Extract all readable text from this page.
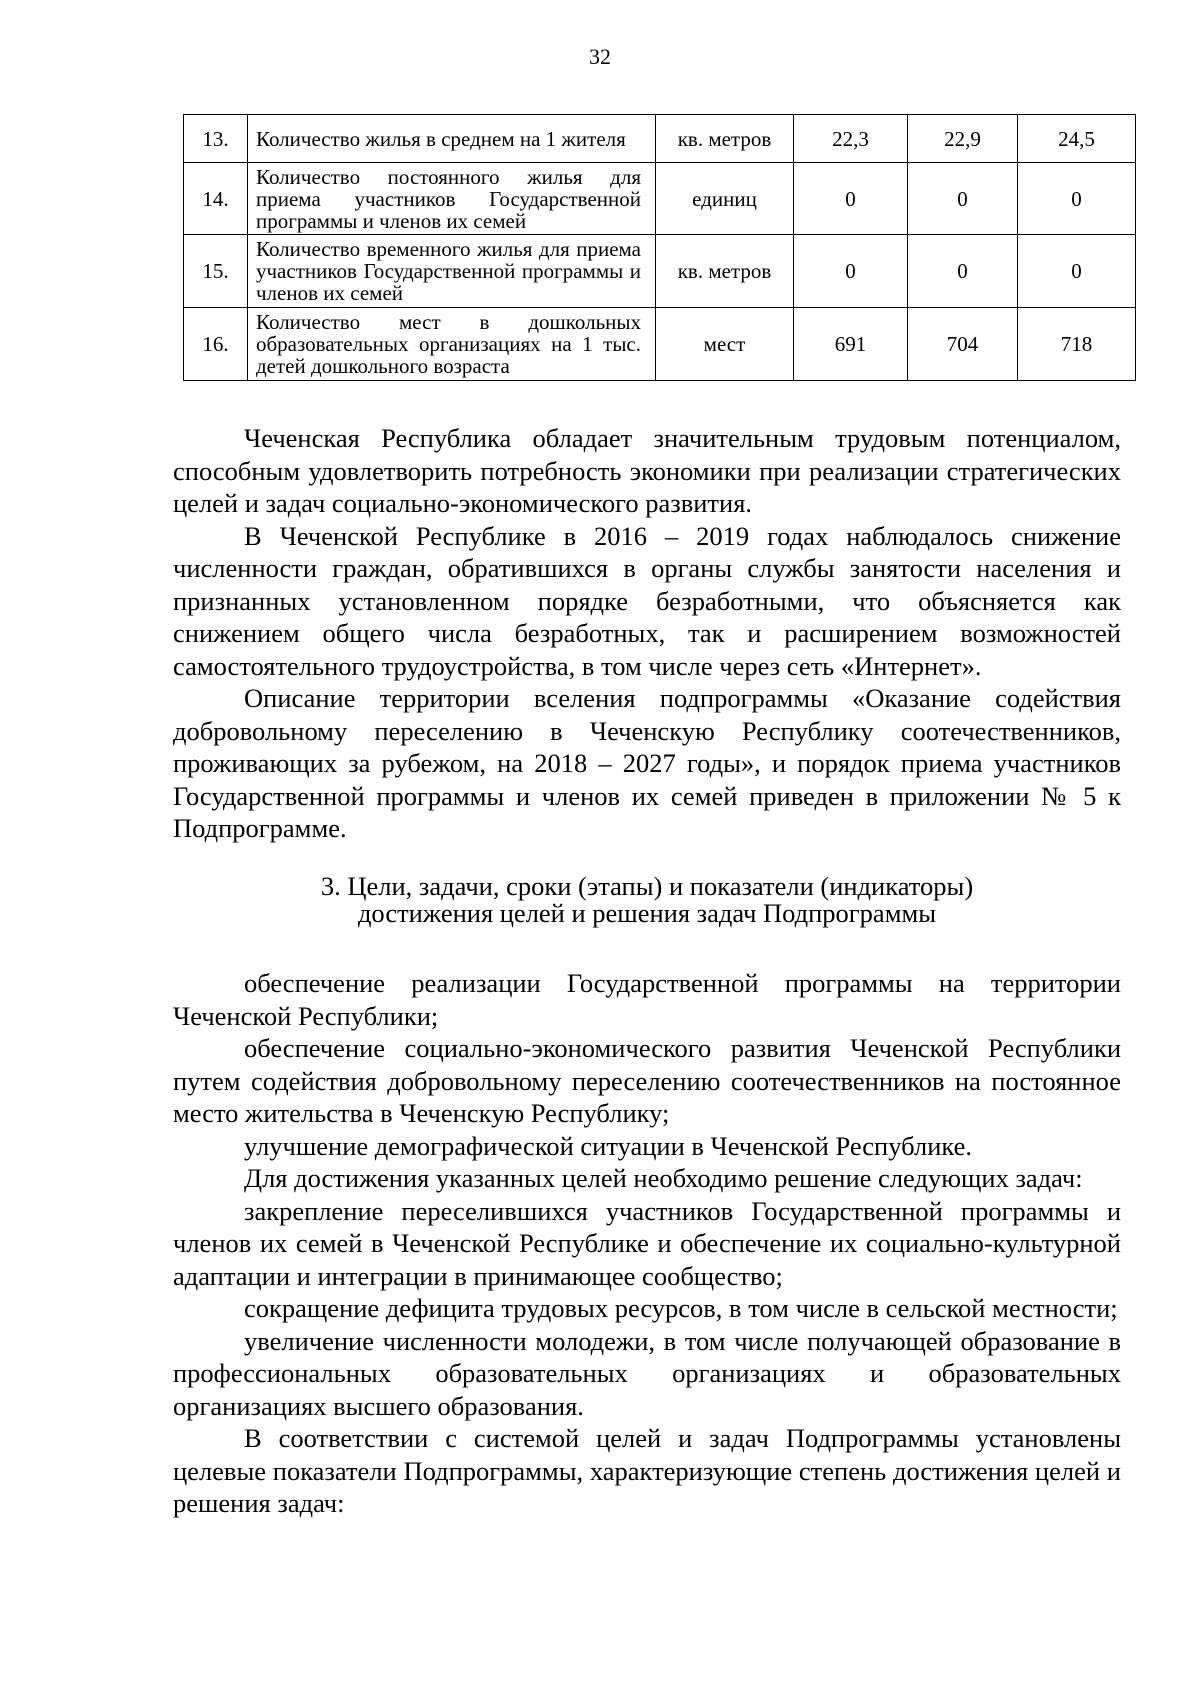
32
13.	Количество жилья в среднем на 1 жителя	кв. метров	22,3	22,9	24,5
14.	Количество постоянного жилья для приема участников Государственной программы и членов их семей	единиц	0	0	0
15.	Количество временного жилья для приема участников Государственной программы и членов их семей	кв. метров	0	0	0
16.	Количество мест в дошкольных образовательных организациях на 1 тыс. детей дошкольного возраста	мест	691	704	718

Чеченская Республика обладает значительным трудовым потенциалом, способным удовлетворить потребность экономики при реализации стратегических целей и задач социально-экономического развития.

В Чеченской Республике в 2016 – 2019 годах наблюдалось снижение численности граждан, обратившихся в органы службы занятости населения и признанных установленном порядке безработными, что объясняется как снижением общего числа безработных, так и расширением возможностей самостоятельного трудоустройства, в том числе через сеть «Интернет».

Описание территории вселения подпрограммы «Оказание содействия добровольному переселению в Чеченскую Республику соотечественников, проживающих за рубежом, на 2018 – 2027 годы», и порядок приема участников Государственной программы и членов их семей приведен в приложении № 5 к Подпрограмме.

3. Цели, задачи, сроки (этапы) и показатели (индикаторы)
достижения целей и решения задач Подпрограммы

обеспечение реализации Государственной программы на территории Чеченской Республики;

обеспечение социально-экономического развития Чеченской Республики путем содействия добровольному переселению соотечественников на постоянное место жительства в Чеченскую Республику;

улучшение демографической ситуации в Чеченской Республике.

Для достижения указанных целей необходимо решение следующих задач:

закрепление переселившихся участников Государственной программы и членов их семей в Чеченской Республике и обеспечение их социально-культурной адаптации и интеграции в принимающее сообщество;

сокращение дефицита трудовых ресурсов, в том числе в сельской местности;

увеличение численности молодежи, в том числе получающей образование в профессиональных образовательных организациях и образовательных организациях высшего образования.

В соответствии с системой целей и задач Подпрограммы установлены целевые показатели Подпрограммы, характеризующие степень достижения целей и решения задач:
